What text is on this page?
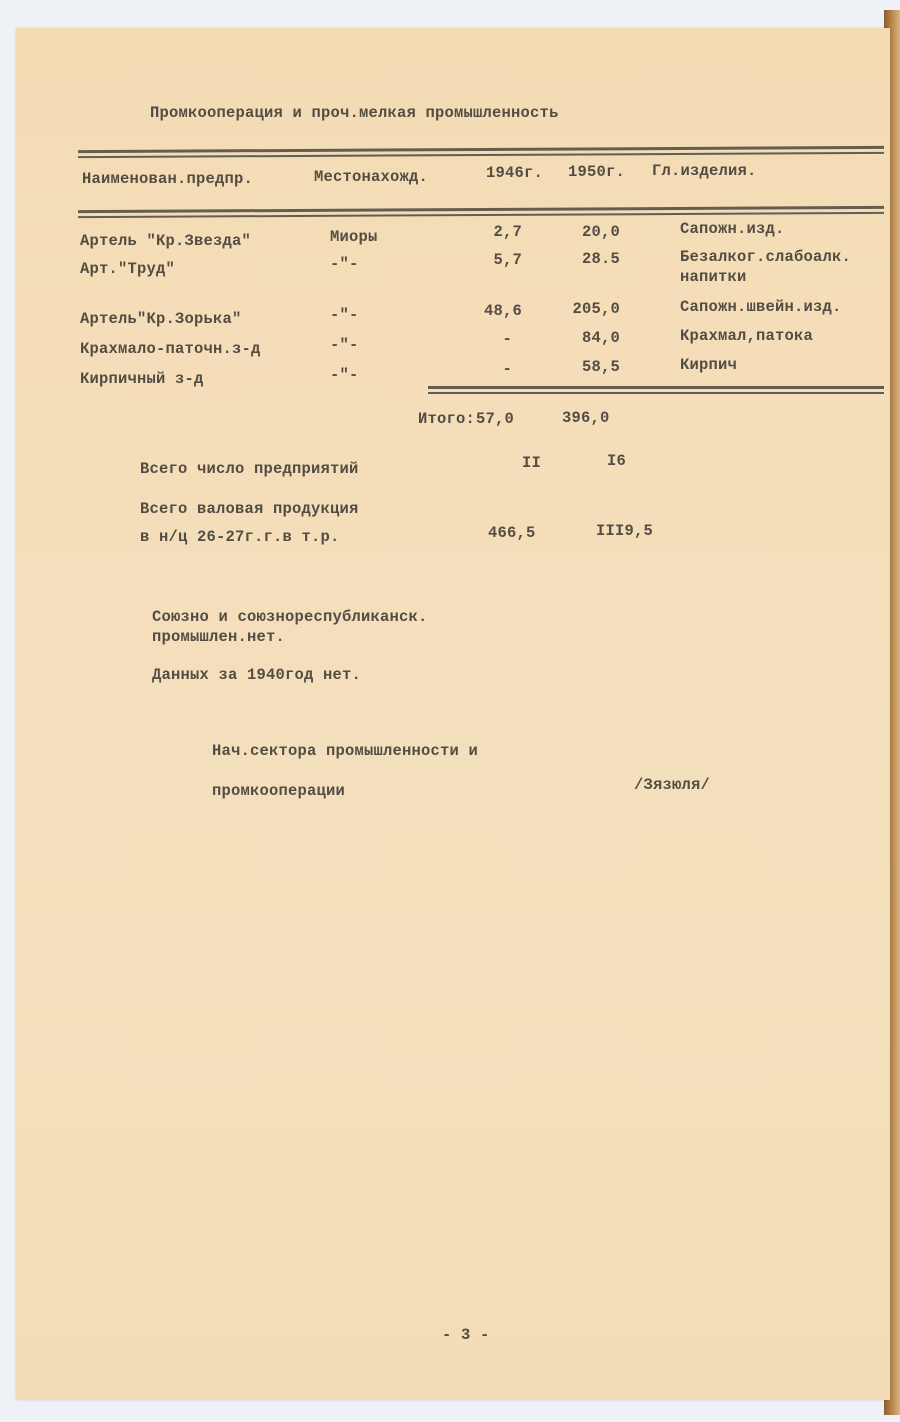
Промкооперация и проч.мелкая промышленность
Наименован.предпр.	Местонахожд.	1946г. 1950г. Гл.изделия.
Артель "Кр.Звезда"	Миоры	2,7	20,0	Сапожн.изд.
Арт."Труд"	-"-	5,7	28.5	Безалког.слабоалк.
напитки
Артель"Кр.Зорька"	-"-	48,6	205,0	Сапожн.швейн.изд.
Крахмало-паточн.з-д	-"-	-	84,0	Крахмал,патока
Кирпичный з-д	-"-	-	58,5	Кирпич
Итого: 57,0	396,0
Всего число предприятий	II	I6
Всего валовая продукция
в н/ц 26-27г.г.в т.р.	466,5	III9,5
Союзно и союзнореспубликанск.
промышлен.нет.
Данных за 1940год нет.
Нач.сектора промышленности и
промкооперации	/Зязюля/
- 3 -
